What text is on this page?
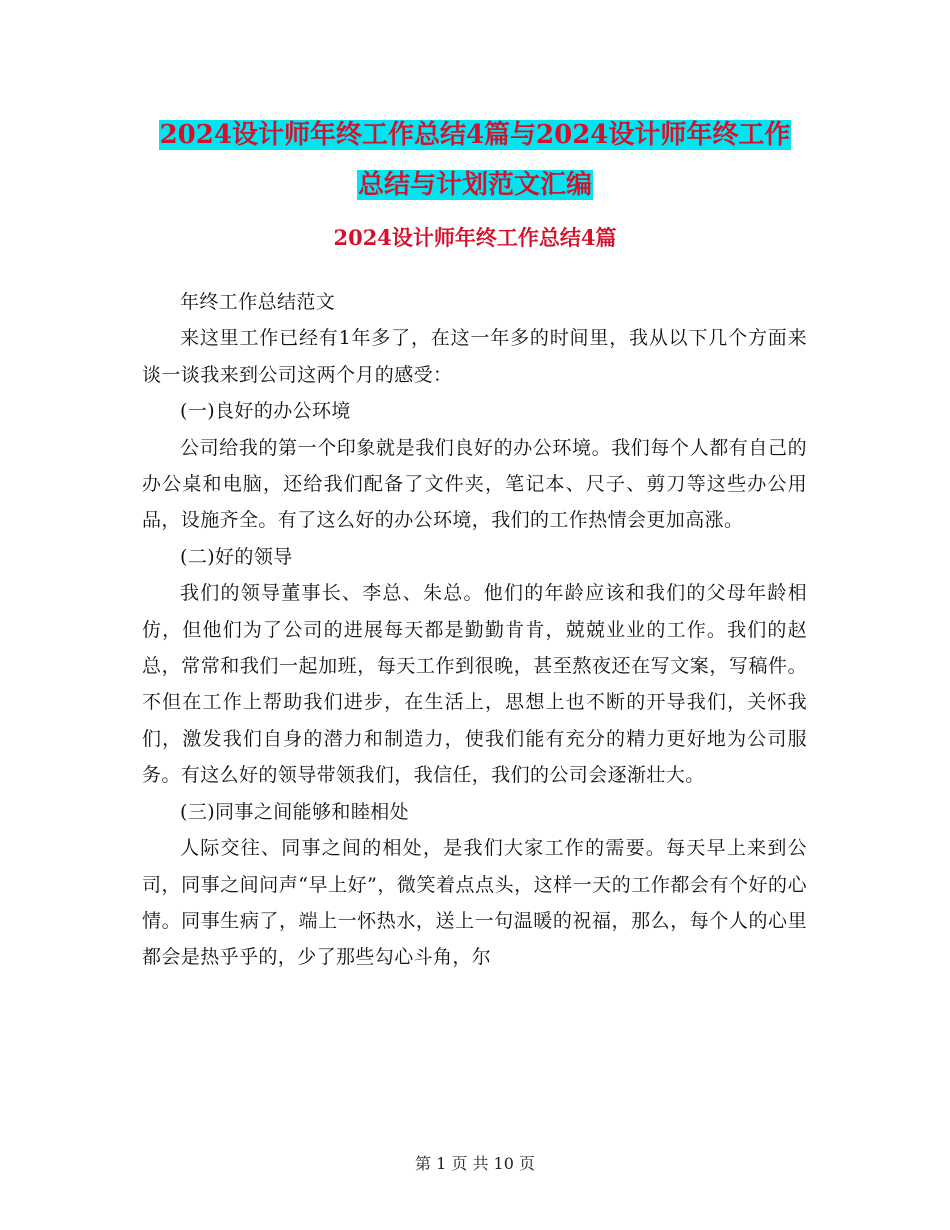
2024设计师年终工作总结4篇与2024设计师年终工作
总结与计划范文汇编
2024设计师年终工作总结4篇

年终工作总结范文

来这里工作已经有1年多了，在这一年多的时间里，我从以下几个方面来谈一谈我来到公司这两个月的感受：

(一)良好的办公环境

公司给我的第一个印象就是我们良好的办公环境。我们每个人都有自己的办公桌和电脑，还给我们配备了文件夹，笔记本、尺子、剪刀等这些办公用品，设施齐全。有了这么好的办公环境，我们的工作热情会更加高涨。

(二)好的领导

我们的领导董事长、李总、朱总。他们的年龄应该和我们的父母年龄相仿，但他们为了公司的进展每天都是勤勤肯肯，兢兢业业的工作。我们的赵总，常常和我们一起加班，每天工作到很晚，甚至熬夜还在写文案，写稿件。不但在工作上帮助我们进步，在生活上，思想上也不断的开导我们，关怀我们，激发我们自身的潜力和制造力，使我们能有充分的精力更好地为公司服务。有这么好的领导带领我们，我信任，我们的公司会逐渐壮大。

(三)同事之间能够和睦相处

人际交往、同事之间的相处，是我们大家工作的需要。每天早上来到公司，同事之间问声“早上好”，微笑着点点头，这样一天的工作都会有个好的心情。同事生病了，端上一怀热水，送上一句温暖的祝福，那么，每个人的心里都会是热乎乎的，少了那些勾心斗角，尔

第 1 页 共 10 页
